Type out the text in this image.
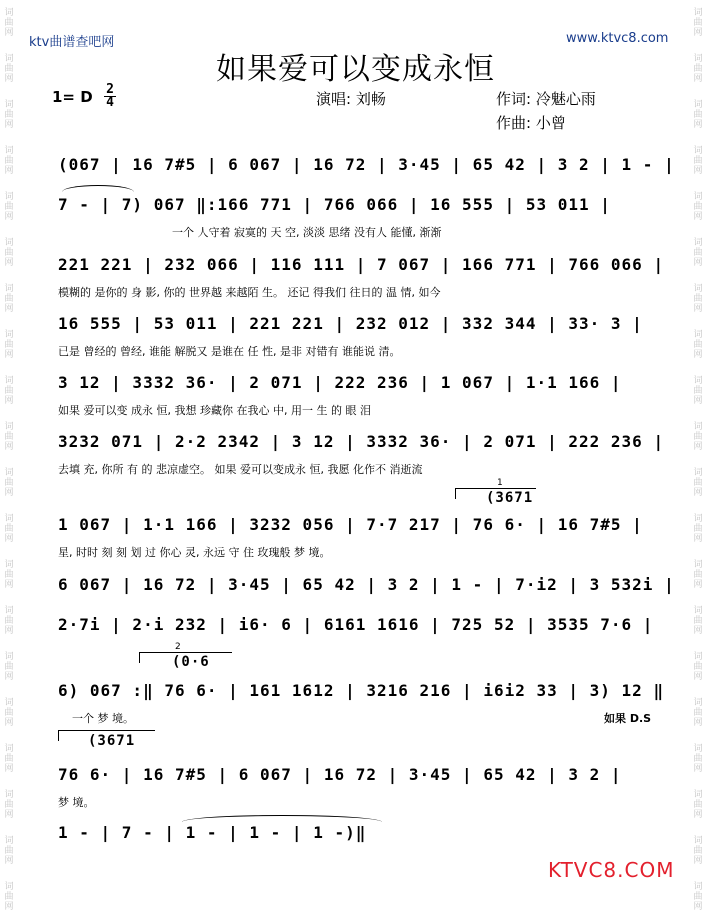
词
曲
网
词
曲
网
词
曲
网
词
曲
网
词
曲
网
词
曲
网
词
曲
网
词
曲
网
词
曲
网
词
曲
网
词
曲
网
词
曲
网
词
曲
网
词
曲
网
词
曲
网
词
曲
网
词
曲
网
词
曲
网
词
曲
网
词
曲
网
词
曲
网
词
曲
网
词
曲
网
词
曲
网
词
曲
网
词
曲
网
词
曲
网
词
曲
网
词
曲
网
词
曲
网
词
曲
网
词
曲
网
词
曲
网
词
曲
网
词
曲
网
词
曲
网
词
曲
网
词
曲
网
词
曲
网
词
曲
网
ktv曲谱查吧网	www.ktvc8.com
如果爱可以变成永恒
1= D $\frac{2}{4}$	演唱: 刘畅	作词: 冷魅心雨
作曲: 小曾
(067 | 16 7#5 | 6 067 | 16 72 | 3·45 | 65 42 | 3 2 | 1 - |
7 - | 7) 067 ‖:166 771 | 766 066 | 16 555 | 53 011 |
一个 人守着 寂寞的 天 空, 淡淡 思绪 没有人 能懂, 渐渐
221 221 | 232 066 | 116 111 | 7 067 | 166 771 | 766 066 |
模糊的 是你的 身 影, 你的 世界越 来越陌 生。 还记 得我们 往日的 温 情, 如今
16 555 | 53 011 | 221 221 | 232 012 | 332 344 | 33· 3 |
已是 曾经的 曾经, 谁能 解脱又 是谁在 任 性, 是非 对错有 谁能说 清。
3 12 | 3332 36· | 2 071 | 222 236 | 1 067 | 1·1 166 |
如果 爱可以变 成永 恒, 我想 珍藏你 在我心 中, 用一 生 的 眼 泪
3232 071 | 2·2 2342 | 3 12 | 3332 36· | 2 071 | 222 236 |
去填 充, 你所 有 的 悲凉虚空。 如果 爱可以变成永 恒, 我愿 化作不 消逝流
1
(3671
1 067 | 1·1 166 | 3232 056 | 7·7 217 | 76 6· | 16 7#5 |
星, 时时 刻 刻 划 过 你心 灵, 永远 守 住 玫瑰般 梦 境。
6 067 | 16 72 | 3·45 | 65 42 | 3 2 | 1 - | 7·i2 | 3 532i |
2·7i | 2·i 232 | i6· 6 | 6161 1616 | 725 52 | 3535 7·6 |
2
(0·6
6) 067 :‖ 76 6· | 161 1612 | 3216 216 | i6i2 33 | 3) 12 ‖
一个 梦 境。	如果 D.S
(3671
76 6· | 16 7#5 | 6 067 | 16 72 | 3·45 | 65 42 | 3 2 |
梦 境。
1 - | 7 - | 1 - | 1 - | 1 -)‖
KTVC8.COM
